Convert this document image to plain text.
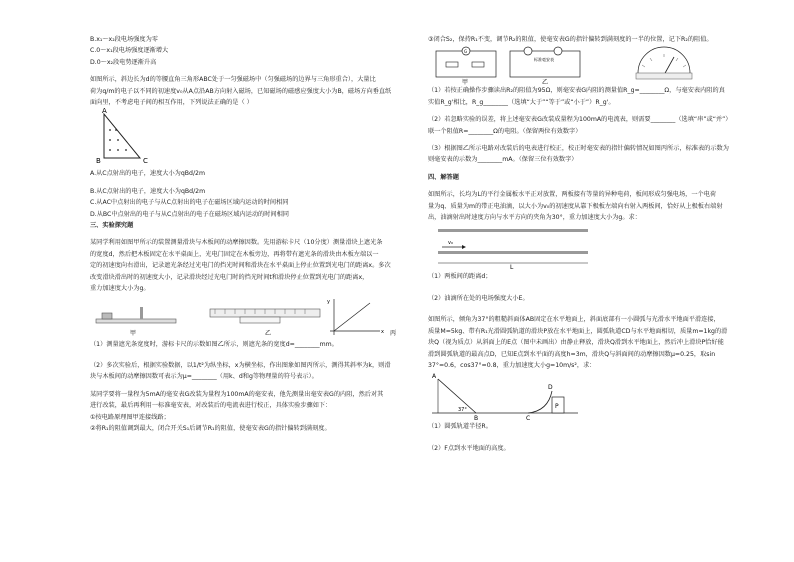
B.x₁～x₂段电场强度为零

C.0～x₁段电场强度逐渐增大

D.0～x₂段电势逐渐升高

如图所示，斜边长为d的等腰直角三角形ABC处于一匀强磁场中（匀强磁场的边界与三角形重合），大量比

荷为q/m的电子以不同的初速度v₀从A点沿AB方向射入磁场，已知磁场的磁感应强度大小为B，磁场方向垂直纸

面向里，不考虑电子间的相互作用，下列说法正确的是（ ）

A
B	C

A.从C点射出的电子，速度大小为qBd/2m

B.从C点射出的电子，速度大小为qBd/2m

C.从AC中点射出的电子与从C点射出的电子在磁场区域内运动的时间相同

D.从BC中点射出的电子与从C点射出的电子在磁场区域内运动的时间相同

三、实验探究题

某同学利用如图甲所示的装置测量滑块与木板间的动摩擦因数。先用游标卡尺（10分度）测量滑块上遮光条

的宽度d，然后把木板固定在水平桌面上，光电门固定在木板旁边，再将带有遮光条的滑块由木板左端以一

定的初速度向右滑出，记录遮光条经过光电门的挡光时间和滑块在水平桌面上停止位置到光电门的距离x。多次

改变滑块滑出时的初速度大小，记录滑块经过光电门时的挡光时间t和滑块停止位置到光电门的距离x，

重力加速度大小为g。

甲	乙
y
x 丙

（1）测量遮光条宽度时，游标卡尺的示数如图乙所示，则遮光条的宽度d=________mm。

（2）多次实验后，根据实验数据，以1/t²为纵坐标，x为横坐标，作出图象如图丙所示，测得其斜率为k，则滑

块与木板间的动摩擦因数可表示为μ=________（用k、d和g等物理量的符号表示）。

某同学要将一量程为5mA的毫安表G改装为量程为100mA的毫安表，他先测量出毫安表G的内阻，然后对其

进行改装，最后再利用一标准毫安表，对改装后的电流表进行校正，具体实验步骤如下：

①按电路原理图甲连接线路；

②将R₁的阻值调到最大，闭合开关S₁后调节R₁的阻值，使毫安表G的指针偏转到满刻度。

③闭合S₂，保持R₁不变，调节R₂的阻值，使毫安表G的指针偏转到满刻度的一半的位置，记下R₂的阻值。

G
甲
标准毫安表
乙

（1）若按正确操作步骤读出R₂的阻值为95Ω，则毫安表G内阻的测量值R_g=________Ω，与毫安表内阻的真

实值R_g'相比，R_g________（选填“大于”“等于”或“小于”）R_g'。

（2）若忽略实验的误差，将上述毫安表G改装成量程为100mA的电流表，则需要________（选填“串”或“并”）

联一个阻值R=________Ω的电阻。（保留两位有效数字）

（3）根据图乙所示电路对改装后的电表进行校正，校正时毫安表的指针偏转情况如图丙所示，标准表的示数为

则毫安表的示数为________mA。（保留三位有效数字）

四、解答题

如图所示，长均为L的平行金属板水平正对放置，两板接有等量的异种电荷，板间形成匀强电场，一个电荷

量为q、质量为m的带正电油滴，以大小为v₀的初速度从靠下极板左端向右射入两板间，恰好从上极板右端射

出，油滴射出时速度方向与水平方向的夹角为30°，重力加速度大小为g。求：

v₀
L

（1）两板间的距离d；

（2）油滴所在处的电场强度大小E。

如图所示，倾角为37°的粗糙斜面体AB固定在水平地面上，斜面底部有一小圆弧与光滑水平地面平滑连接，

质量M=5kg、带有R₁光滑圆弧轨道的滑块P放在水平地面上，圆弧轨道CD与水平地面相切，质量m=1kg的滑

块Q（视为质点）从斜面上的E点（图中未画出）由静止释放，滑块Q滑到水平地面上，然后冲上滑块P恰好能

滑到圆弧轨道的最高点D，已知E点到水平面的高度h=3m，滑块Q与斜面间的动摩擦因数μ=0.25，取sin

37°=0.6，cos37°=0.8，重力加速度大小g=10m/s²，求：

A
B	C
D
P
37°

（1）圆弧轨道半径R。

（2）F点到水平地面的高度。
